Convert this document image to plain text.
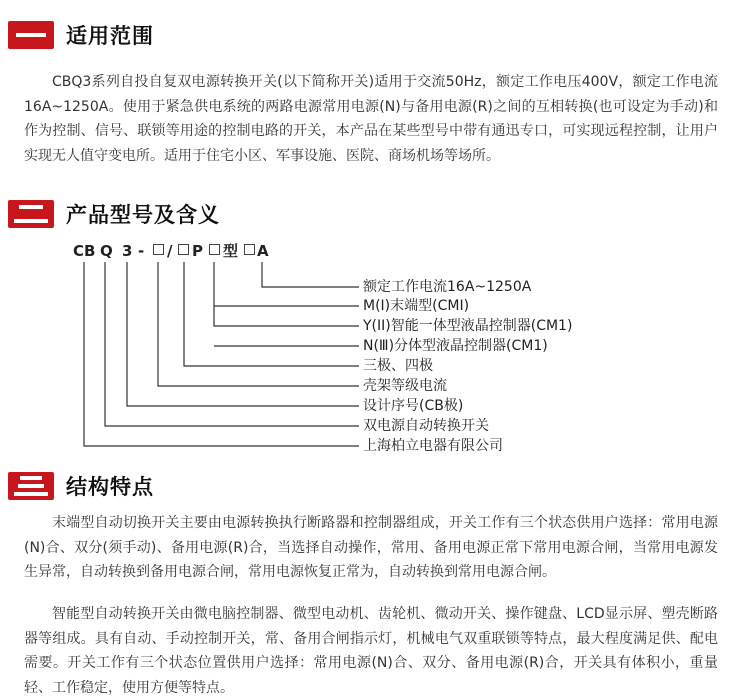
适用范围

CBQ3系列自投自复双电源转换开关(以下简称开关)适用于交流50Hz，额定工作电压400V，额定工作电流16A~1250A。使用于紧急供电系统的两路电源常用电源(N)与备用电源(R)之间的互相转换(也可设定为手动)和作为控制、信号、联锁等用途的控制电路的开关，本产品在某些型号中带有通迅专口，可实现远程控制，让用户实现无人值守变电所。适用于住宅小区、军事设施、医院、商场机场等场所。

产品型号及含义
CB Q 3 - / P 型 A
额定工作电流16A~1250A
M(I)末端型(CMI)
Y(II)智能一体型液晶控制器(CM1)
N(Ⅲ)分体型液晶控制器(CM1)
三极、四极
壳架等级电流
设计序号(CB极)
双电源自动转换开关
上海柏立电器有限公司
结构特点

末端型自动切换开关主要由电源转换执行断路器和控制器组成，开关工作有三个状态供用户选择：常用电源(N)合、双分(须手动)、备用电源(R)合，当选择自动操作，常用、备用电源正常下常用电源合闸，当常用电源发生异常，自动转换到备用电源合闸，常用电源恢复正常为，自动转换到常用电源合闸。

智能型自动转换开关由微电脑控制器、微型电动机、齿轮机、微动开关、操作键盘、LCD显示屏、塑壳断路器等组成。具有自动、手动控制开关，常、备用合闸指示灯，机械电气双重联锁等特点，最大程度满足供、配电需要。开关工作有三个状态位置供用户选择：常用电源(N)合、双分、备用电源(R)合，开关具有体积小，重量轻、工作稳定，使用方便等特点。
